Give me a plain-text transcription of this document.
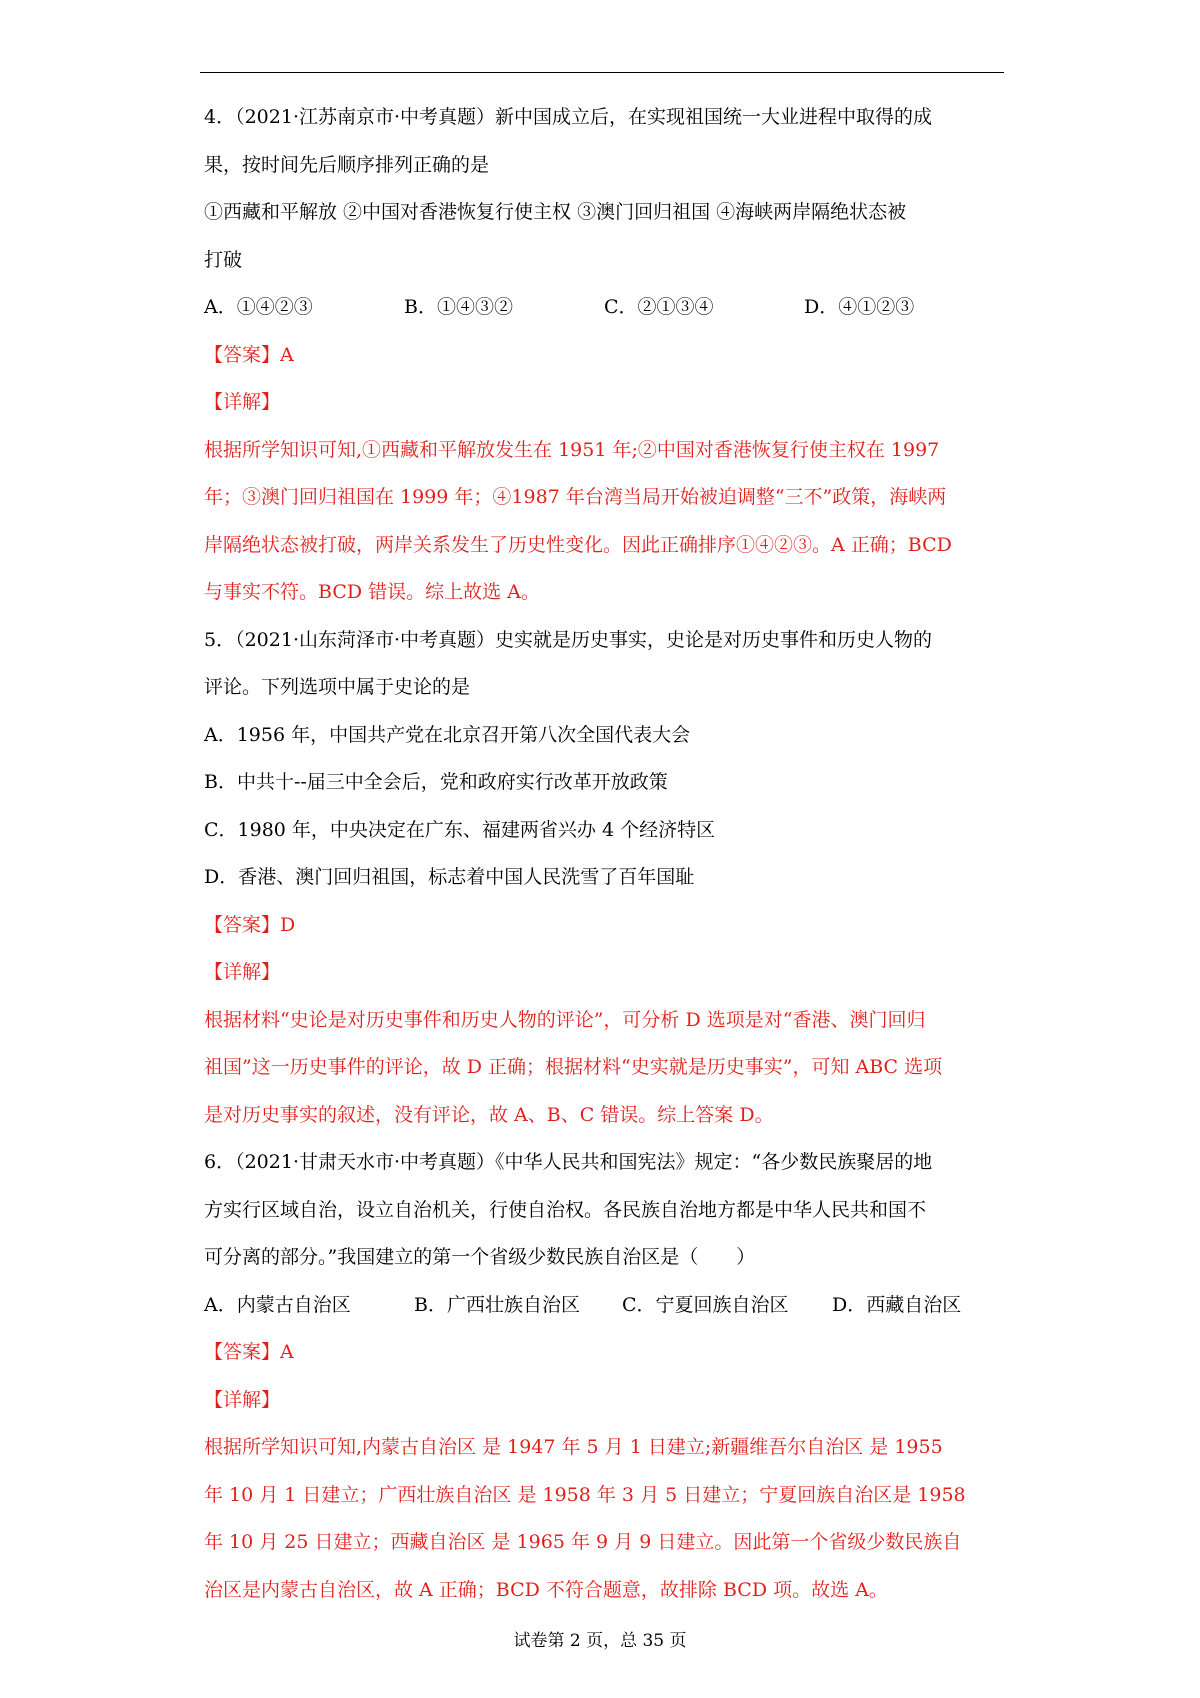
4．（2021·江苏南京市·中考真题）新中国成立后，在实现祖国统一大业进程中取得的成
果，按时间先后顺序排列正确的是
①西藏和平解放 ②中国对香港恢复行使主权 ③澳门回归祖国 ④海峡两岸隔绝状态被
打破
A．①④②③	B．①④③②	C．②①③④	D．④①②③
【答案】A
【详解】
根据所学知识可知,①西藏和平解放发生在 1951 年;②中国对香港恢复行使主权在 1997
年；③澳门回归祖国在 1999 年；④1987 年台湾当局开始被迫调整“三不”政策，海峡两
岸隔绝状态被打破，两岸关系发生了历史性变化。因此正确排序①④②③。A 正确；BCD
与事实不符。BCD 错误。综上故选 A。
5．（2021·山东菏泽市·中考真题）史实就是历史事实，史论是对历史事件和历史人物的
评论。下列选项中属于史论的是
A．1956 年，中国共产党在北京召开第八次全国代表大会
B．中共十--届三中全会后，党和政府实行改革开放政策
C．1980 年，中央决定在广东、福建两省兴办 4 个经济特区
D．香港、澳门回归祖国，标志着中国人民洗雪了百年国耻
【答案】D
【详解】
根据材料“史论是对历史事件和历史人物的评论”，可分析 D 选项是对“香港、澳门回归
祖国”这一历史事件的评论，故 D 正确；根据材料“史实就是历史事实”，可知 ABC 选项
是对历史事实的叙述，没有评论，故 A、B、C 错误。综上答案 D。
6．（2021·甘肃天水市·中考真题）《中华人民共和国宪法》规定：“各少数民族聚居的地
方实行区域自治，设立自治机关，行使自治权。各民族自治地方都是中华人民共和国不
可分离的部分。”我国建立的第一个省级少数民族自治区是（　　）
A．内蒙古自治区	B．广西壮族自治区	C．宁夏回族自治区	D．西藏自治区
【答案】A
【详解】
根据所学知识可知,内蒙古自治区 是 1947 年 5 月 1 日建立;新疆维吾尔自治区 是 1955
年 10 月 1 日建立；广西壮族自治区 是 1958 年 3 月 5 日建立；宁夏回族自治区是 1958
年 10 月 25 日建立；西藏自治区 是 1965 年 9 月 9 日建立。因此第一个省级少数民族自
治区是内蒙古自治区，故 A 正确；BCD 不符合题意，故排除 BCD 项。故选 A。
试卷第 2 页，总 35 页
